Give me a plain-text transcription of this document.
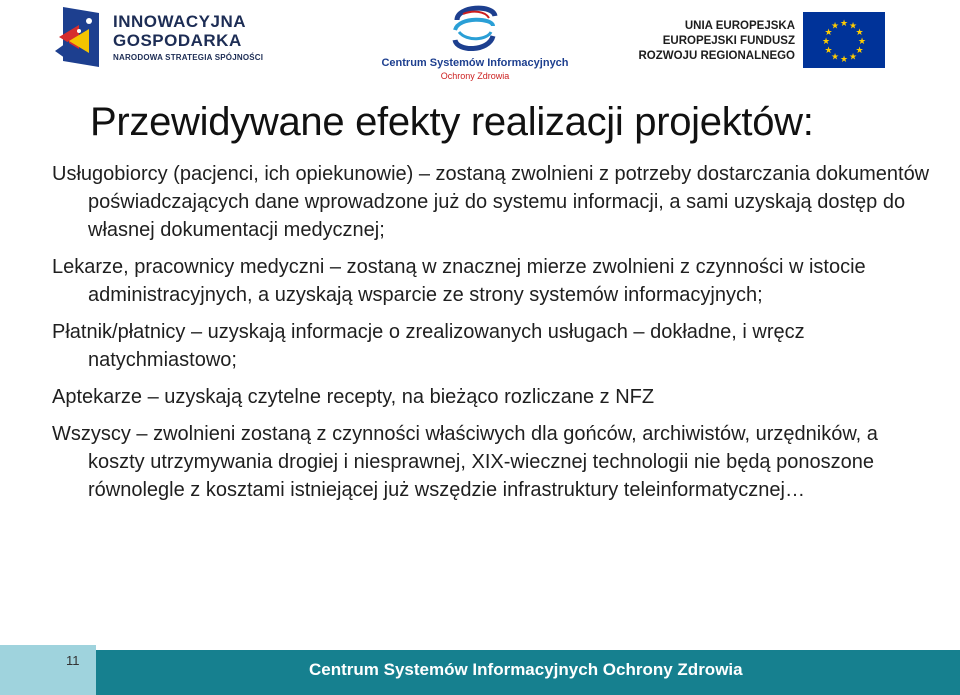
INNOWACYJNA
GOSPODARKA
NARODOWA STRATEGIA SPÓJNOŚCI	Centrum Systemów Informacyjnych
Ochrony Zdrowia
UNIA EUROPEJSKA
EUROPEJSKI FUNDUSZ
ROZWOJU REGIONALNEGO
★ ★
★
★
★
★
★
★
★
★
★
★
Przewidywane efekty realizacji projektów:

Usługobiorcy (pacjenci, ich opiekunowie) – zostaną zwolnieni z potrzeby dostarczania dokumentów poświadczających dane wprowadzone już do systemu informacji, a sami uzyskają dostęp do własnej dokumentacji medycznej;

Lekarze, pracownicy medyczni – zostaną w znacznej mierze zwolnieni z czynności w istocie administracyjnych, a uzyskają wsparcie ze strony systemów informacyjnych;

Płatnik/płatnicy – uzyskają informacje o zrealizowanych usługach – dokładne, i wręcz natychmiastowo;

Aptekarze – uzyskają czytelne recepty, na bieżąco rozliczane z NFZ

Wszyscy – zwolnieni zostaną z czynności właściwych dla gońców, archiwistów, urzędników, a koszty utrzymywania drogiej i niesprawnej, XIX-wiecznej technologii nie będą ponoszone równolegle z kosztami istniejącej już wszędzie infrastruktury teleinformatycznej…

11	Centrum Systemów Informacyjnych Ochrony Zdrowia
